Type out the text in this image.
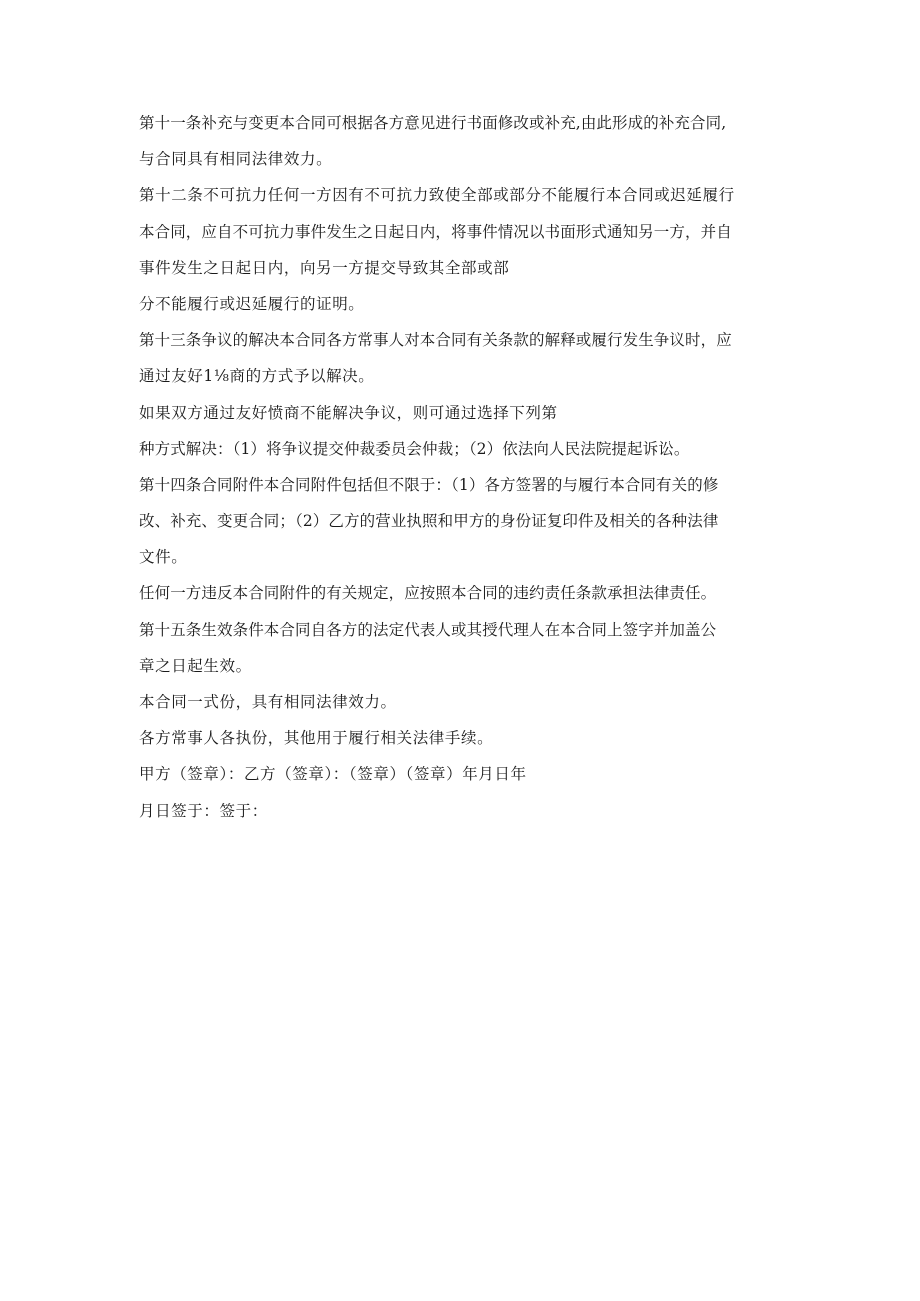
第十一条补充与变更本合同可根据各方意见进行书面修改或补充,由此形成的补充合同,
与合同具有相同法律效力。
第十二条不可抗力任何一方因有不可抗力致使全部或部分不能履行本合同或迟延履行
本合同，应自不可抗力事件发生之日起日内，将事件情况以书面形式通知另一方，并自
事件发生之日起日内，向另一方提交导致其全部或部
分不能履行或迟延履行的证明。
第十三条争议的解决本合同各方常事人对本合同有关条款的解释或履行发生争议时，应
通过友好1⅛商的方式予以解决。
如果双方通过友好愤商不能解决争议，则可通过选择下列第
种方式解决：（1）将争议提交仲裁委员会仲裁；（2）依法向人民法院提起诉讼。
第十四条合同附件本合同附件包括但不限于：（1）各方签署的与履行本合同有关的修
改、补充、变更合同；（2）乙方的营业执照和甲方的身份证复印件及相关的各种法律
文件。
任何一方违反本合同附件的有关规定，应按照本合同的违约责任条款承担法律责任。
第十五条生效条件本合同自各方的法定代表人或其授代理人在本合同上签字并加盖公
章之日起生效。
本合同一式份，具有相同法律效力。
各方常事人各执份，其他用于履行相关法律手续。
甲方（签章）：乙方（签章）：（签章）（签章）年月日年
月日签于：签于：
